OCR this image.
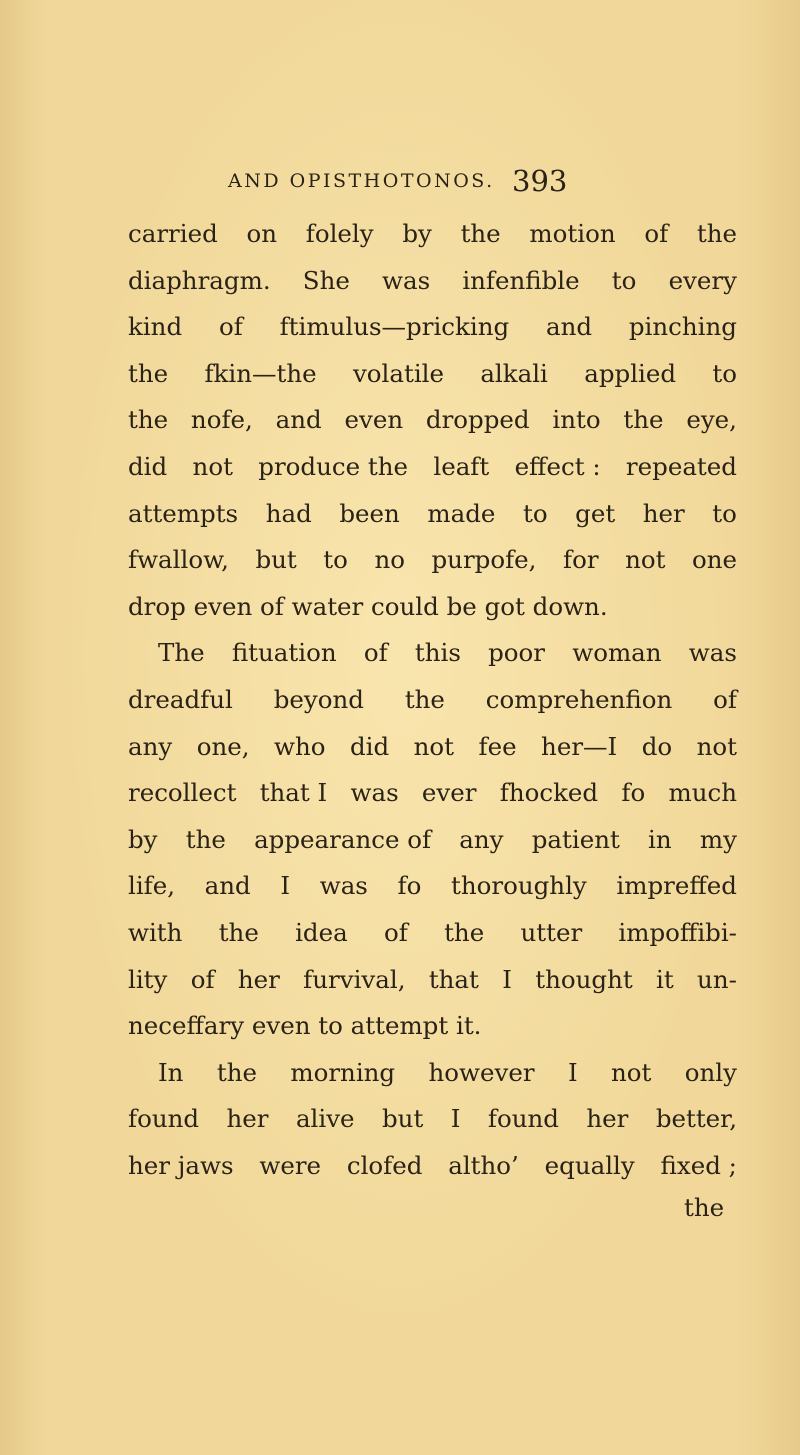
AND OPISTHOTONOS. 393
carried on folely by the motion of the
diaphragm. She was infenfible to every
kind of ftimulus—pricking and pinching
the fkin—the volatile alkali applied to
the nofe, and even dropped into the eye,
did not produce the leaft effect : repeated
attempts had been made to get her to
fwallow, but to no purpofe, for not one
drop even of water could be got down.
The fituation of this poor woman was
dreadful beyond the comprehenfion of
any one, who did not fee her—I do not
recollect that I was ever fhocked fo much
by the appearance of any patient in my
life, and I was fo thoroughly impreffed
with the idea of the utter impoffibi-
lity of her furvival, that I thought it un-
neceffary even to attempt it.
In the morning however I not only
found her alive but I found her better,
her jaws were clofed altho’ equally fixed ;
the
